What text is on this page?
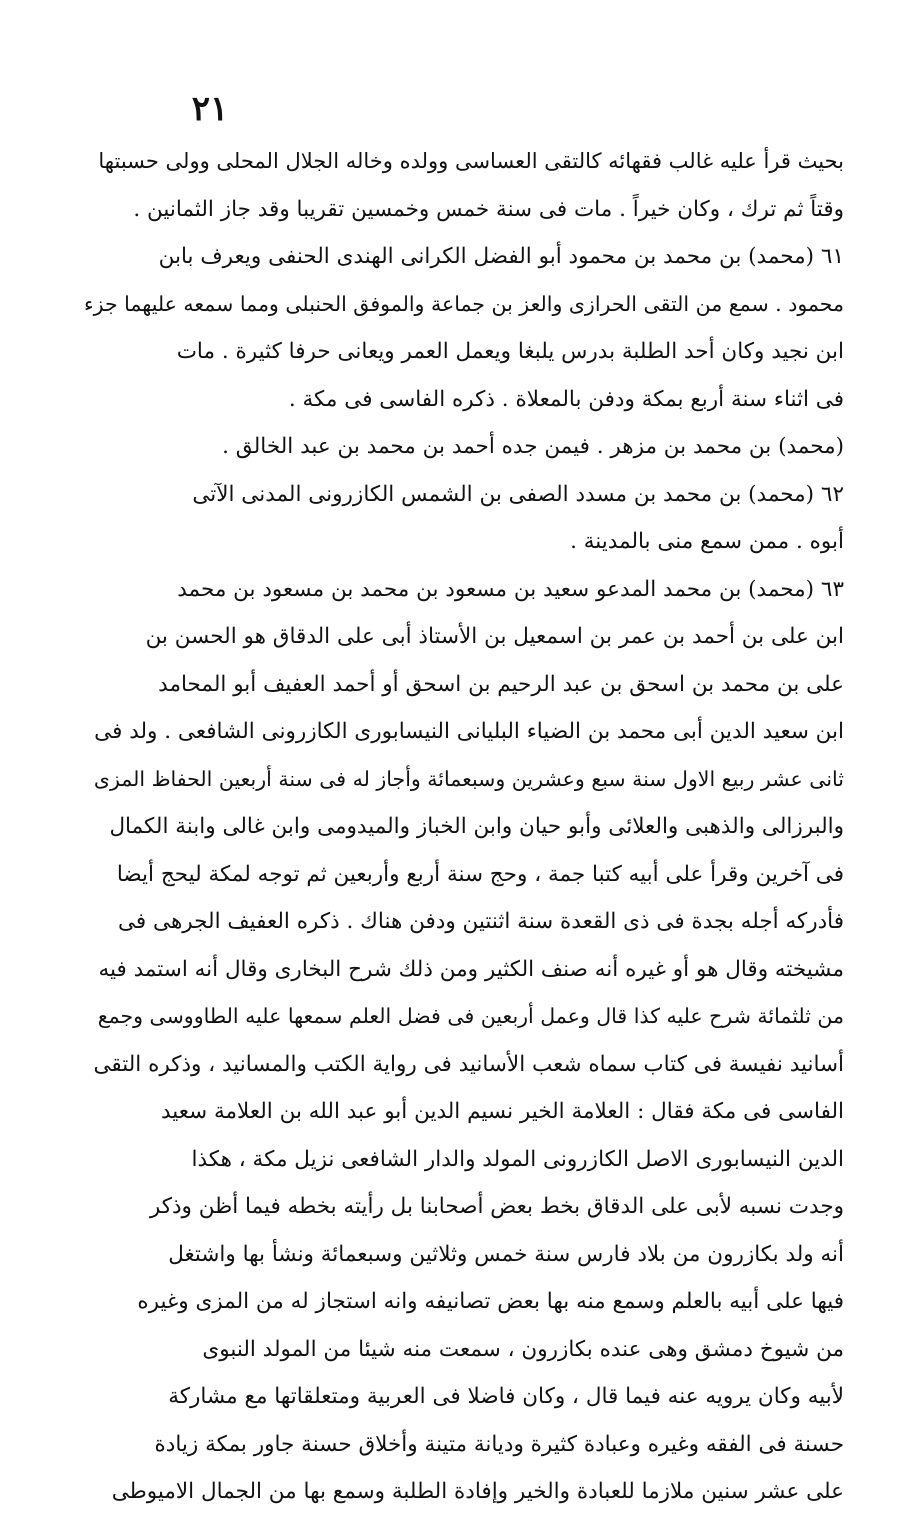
٢١
بحيث قرأ عليه غالب فقهائه كالتقى العساسى وولده وخاله الجلال المحلى وولى حسبتها
وقتاً ثم ترك ، وكان خيراً . مات فى سنة خمس وخمسين تقريبا وقد جاز الثمانين .
٦١ (محمد) بن محمد بن محمود أبو الفضل الكرانى الهندى الحنفى ويعرف بابن
محمود . سمع من التقى الحرازى والعز بن جماعة والموفق الحنبلى ومما سمعه عليهما جزء
ابن نجيد وكان أحد الطلبة بدرس يلبغا ويعمل العمر ويعانى حرفا كثيرة . مات
فى اثناء سنة أربع بمكة ودفن بالمعلاة . ذكره الفاسى فى مكة .
(محمد) بن محمد بن مزهر . فيمن جده أحمد بن محمد بن عبد الخالق .
٦٢ (محمد) بن محمد بن مسدد الصفى بن الشمس الكازرونى المدنى الآتى
أبوه . ممن سمع منى بالمدينة .
٦٣ (محمد) بن محمد المدعو سعيد بن مسعود بن محمد بن مسعود بن محمد
ابن على بن أحمد بن عمر بن اسمعيل بن الأستاذ أبى على الدقاق هو الحسن بن
على بن محمد بن اسحق بن عبد الرحيم بن اسحق أو أحمد العفيف أبو المحامد
ابن سعيد الدين أبى محمد بن الضياء البليانى النيسابورى الكازرونى الشافعى . ولد فى
ثانى عشر ربيع الاول سنة سبع وعشرين وسبعمائة وأجاز له فى سنة أربعين الحفاظ المزى
والبرزالى والذهبى والعلائى وأبو حيان وابن الخباز والميدومى وابن غالى وابنة الكمال
فى آخرين وقرأ على أبيه كتبا جمة ، وحج سنة أربع وأربعين ثم توجه لمكة ليحج أيضا
فأدركه أجله بجدة فى ذى القعدة سنة اثنتين ودفن هناك . ذكره العفيف الجرهى فى
مشيخته وقال هو أو غيره أنه صنف الكثير ومن ذلك شرح البخارى وقال أنه استمد فيه
من ثلثمائة شرح عليه كذا قال وعمل أربعين فى فضل العلم سمعها عليه الطاووسى وجمع
أسانيد نفيسة فى كتاب سماه شعب الأسانيد فى رواية الكتب والمسانيد ، وذكره التقى
الفاسى فى مكة فقال : العلامة الخير نسيم الدين أبو عبد الله بن العلامة سعيد
الدين النيسابورى الاصل الكازرونى المولد والدار الشافعى نزيل مكة ، هكذا
وجدت نسبه لأبى على الدقاق بخط بعض أصحابنا بل رأيته بخطه فيما أظن وذكر
أنه ولد بكازرون من بلاد فارس سنة خمس وثلاثين وسبعمائة ونشأ بها واشتغل
فيها على أبيه بالعلم وسمع منه بها بعض تصانيفه وانه استجاز له من المزى وغيره
من شيوخ دمشق وهى عنده بكازرون ، سمعت منه شيئا من المولد النبوى
لأبيه وكان يرويه عنه فيما قال ، وكان فاضلا فى العربية ومتعلقاتها مع مشاركة
حسنة فى الفقه وغيره وعبادة كثيرة وديانة متينة وأخلاق حسنة جاور بمكة زيادة
على عشر سنين ملازما للعبادة والخير وإفادة الطلبة وسمع بها من الجمال الاميوطى
